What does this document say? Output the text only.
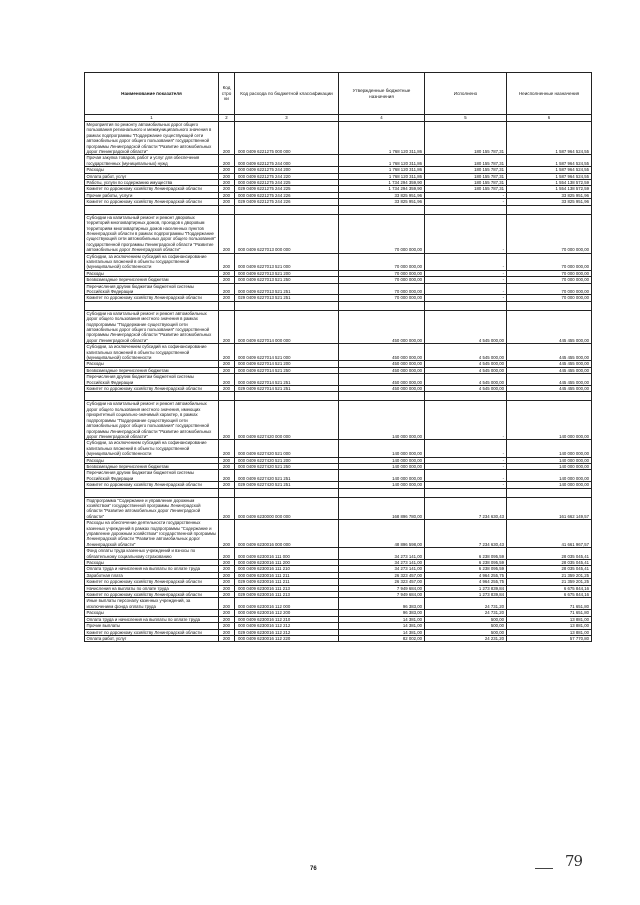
Наименование показателя	Код стро ки	Код расхода по бюджетной классификации	Утвержденные бюджетные назначения	Исполнено	Неисполненные назначения
1	2	3	4	5	6
Мероприятия по ремонту автомобильных дорог общего пользования регионального и межмуниципального значения в рамках подпрограммы "Поддержание существующей сети автомобильных дорог общего пользования" государственной программы Ленинградской области "Развитие автомобильных дорог Ленинградской области"	200	000 0409 6221275 000 000	1 768 120 311,86	180 155 787,31	1 587 964 524,55
Прочая закупка товаров, работ и услуг для обеспечения государственных (муниципальных) нужд	200	000 0409 6221275 244 000	1 768 120 311,86	180 155 787,31	1 587 964 524,55
Расходы	200	000 0409 6221275 244 200	1 768 120 311,86	180 155 787,31	1 587 964 524,55
Оплата работ, услуг	200	000 0409 6221275 244 220	1 768 120 311,86	180 155 787,31	1 587 964 524,55
Работы, услуги по содержанию имущества	200	000 0409 6221275 244 225	1 734 294 359,90	180 155 787,31	1 554 138 572,59
Комитет по дорожному хозяйству Ленинградской области	200	029 0409 6221275 244 225	1 734 294 359,90	180 155 787,31	1 554 138 572,59
Прочие работы, услуги	200	000 0409 6221275 244 226	33 825 951,96	-	33 825 951,96
Комитет по дорожному хозяйству Ленинградской области	200	029 0409 6221275 244 226	33 825 951,96	-	33 825 951,96

Субсидии на капитальный ремонт и ремонт дворовых территорий многоквартирных домов, проездов к дворовым территориям многоквартирных домов населенных пунктов Ленинградской области в рамках подпрограммы "Поддержание существующей сети автомобильных дорог общего пользования" государственной программы Ленинградской области "Развитие автомобильных дорог Ленинградской области"	200	000 0409 6227013 000 000	70 000 000,00	-	70 000 000,00
Субсидии, за исключением субсидий на софинансирование капитальных вложений в объекты государственной (муниципальной) собственности	200	000 0409 6227013 521 000	70 000 000,00	-	70 000 000,00
Расходы	200	000 0409 6227013 521 200	70 000 000,00	-	70 000 000,00
Безвозмездные перечисления бюджетам	200	000 0409 6227013 521 250	70 000 000,00	-	70 000 000,00
Перечисления другим бюджетам бюджетной системы Российской Федерации	200	000 0409 6227013 521 251	70 000 000,00	-	70 000 000,00
Комитет по дорожному хозяйству Ленинградской области	200	029 0409 6227013 521 251	70 000 000,00	-	70 000 000,00

Субсидии на капитальный ремонт и ремонт автомобильных дорог общего пользования местного значения в рамках подпрограммы "Поддержание существующей сети автомобильных дорог общего пользования" государственной программы Ленинградской области "Развитие автомобильных дорог Ленинградской области"	200	000 0409 6227014 000 000	450 000 000,00	4 545 000,00	445 455 000,00
Субсидии, за исключением субсидий на софинансирование капитальных вложений в объекты государственной (муниципальной) собственности	200	000 0409 6227014 521 000	450 000 000,00	4 545 000,00	445 455 000,00
Расходы	200	000 0409 6227014 521 200	450 000 000,00	4 545 000,00	445 455 000,00
Безвозмездные перечисления бюджетам	200	000 0409 6227014 521 250	450 000 000,00	4 545 000,00	445 455 000,00
Перечисления другим бюджетам бюджетной системы Российской Федерации	200	000 0409 6227014 521 251	450 000 000,00	4 545 000,00	445 455 000,00
Комитет по дорожному хозяйству Ленинградской области	200	029 0409 6227014 521 251	450 000 000,00	4 545 000,00	445 455 000,00

Субсидии на капитальный ремонт и ремонт автомобильных дорог общего пользования местного значения, имеющих приоритетный социально-значимый характер, в рамках подпрограммы "Поддержание существующей сети автомобильных дорог общего пользования" государственной программы Ленинградской области "Развитие автомобильных дорог Ленинградской области"	200	000 0409 6227420 000 000	140 000 000,00	-	140 000 000,00
Субсидии, за исключением субсидий на софинансирование капитальных вложений в объекты государственной (муниципальной) собственности	200	000 0409 6227420 521 000	140 000 000,00	-	140 000 000,00
Расходы	200	000 0409 6227420 521 200	140 000 000,00	-	140 000 000,00
Безвозмездные перечисления бюджетам	200	000 0409 6227420 521 250	140 000 000,00	-	140 000 000,00
Перечисления другим бюджетам бюджетной системы Российской Федерации	200	000 0409 6227420 521 251	140 000 000,00	-	140 000 000,00
Комитет по дорожному хозяйству Ленинградской области	200	029 0409 6227420 521 251	140 000 000,00	-	140 000 000,00

Подпрограмма "Содержание и управление дорожным хозяйством" государственной программы Ленинградской области "Развитие автомобильных дорог Ленинградской области"	200	000 0409 6230000 000 000	168 896 780,00	7 234 630,43	161 662 149,57
Расходы на обеспечение деятельности государственных казенных учреждений в рамках подпрограммы "Содержание и управление дорожным хозяйством" государственной программы Ленинградской области "Развитие автомобильных дорог Ленинградской области"	200	000 0409 6230016 000 000	48 896 598,00	7 234 630,43	41 661 967,57
Фонд оплаты труда казенных учреждений и взносы по обязательному социальному страхованию	200	000 0409 6230016 111 000	34 273 141,00	6 238 095,59	28 035 045,41
Расходы	200	000 0409 6230016 111 200	34 273 141,00	6 238 095,59	28 035 045,41
Оплата труда и начисления на выплаты по оплате труда	200	000 0409 6230016 111 210	34 273 141,00	6 238 095,59	28 035 045,41
Заработная плата	200	000 0409 6230016 111 211	26 323 457,00	4 964 255,75	21 359 201,25
Комитет по дорожному хозяйству Ленинградской области	200	029 0409 6230016 111 211	26 323 457,00	4 964 255,75	21 359 201,25
Начисления на выплаты по оплате труда	200	000 0409 6230016 111 213	7 949 684,00	1 273 839,84	6 675 844,16
Комитет по дорожному хозяйству Ленинградской области	200	029 0409 6230016 111 213	7 949 684,00	1 273 839,84	6 675 844,16
Иные выплаты персоналу казенных учреждений, за исключением фонда оплаты труда	200	000 0409 6230016 112 000	96 383,00	24 731,20	71 651,80
Расходы	200	000 0409 6230016 112 200	96 383,00	24 731,20	71 651,80
Оплата труда и начисления на выплаты по оплате труда	200	000 0409 6230016 112 210	14 381,00	500,00	13 881,00
Прочие выплаты	200	000 0409 6230016 112 212	14 381,00	500,00	13 881,00
Комитет по дорожному хозяйству Ленинградской области	200	029 0409 6230016 112 212	14 381,00	500,00	13 881,00
Оплата работ, услуг	200	000 0409 6230016 112 220	82 002,00	24 231,20	57 770,80
76	79
